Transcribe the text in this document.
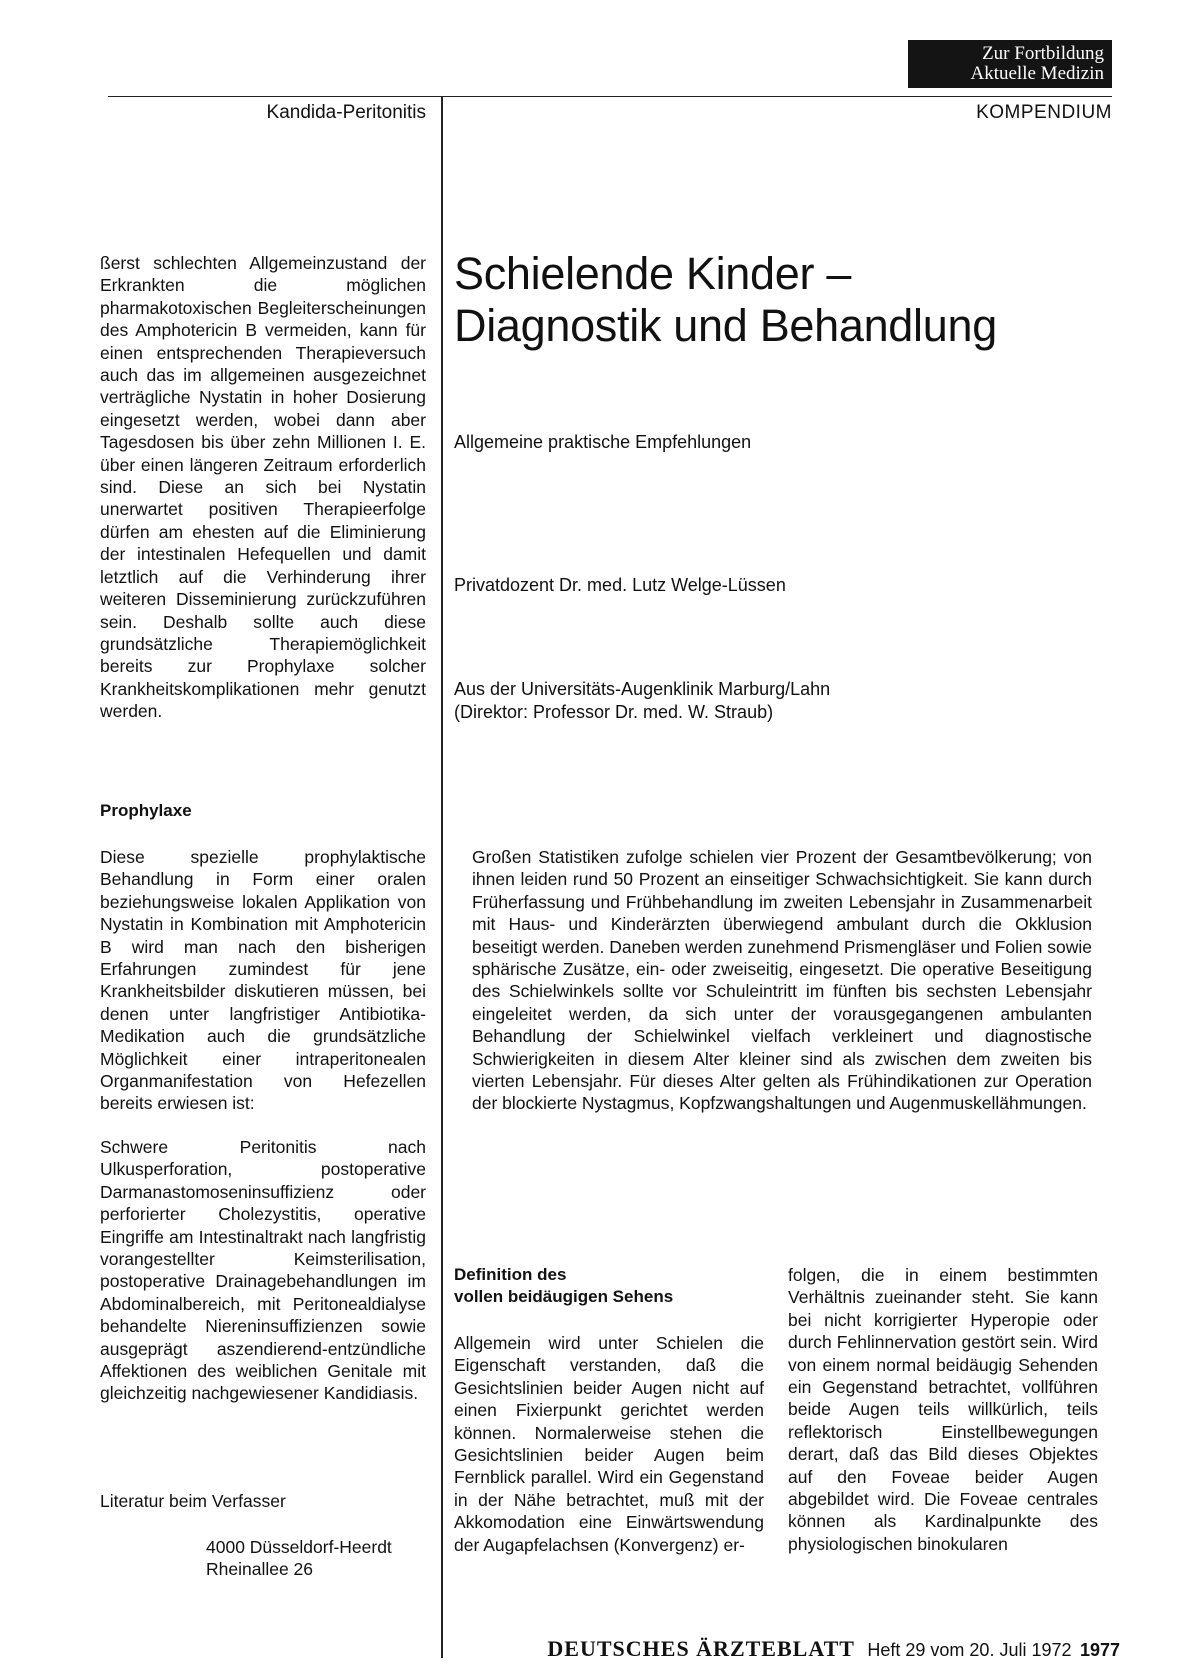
Zur Fortbildung
Aktuelle Medizin
Kandida-Peritonitis	KOMPENDIUM

ßerst schlechten Allgemeinzustand der Erkrankten die möglichen pharmakotoxischen Begleiterscheinungen des Amphotericin B vermeiden, kann für einen entsprechenden Therapieversuch auch das im allgemeinen ausgezeichnet verträgliche Nystatin in hoher Dosierung eingesetzt werden, wobei dann aber Tagesdosen bis über zehn Millionen I. E. über einen längeren Zeitraum erforderlich sind. Diese an sich bei Nystatin unerwartet positiven Therapieerfolge dürfen am ehesten auf die Eliminierung der intestinalen Hefequellen und damit letztlich auf die Verhinderung ihrer weiteren Disseminierung zurückzuführen sein. Deshalb sollte auch diese grundsätzliche Therapiemöglichkeit bereits zur Prophylaxe solcher Krankheitskomplikationen mehr genutzt werden.

Prophylaxe

Diese spezielle prophylaktische Behandlung in Form einer oralen beziehungsweise lokalen Applikation von Nystatin in Kombination mit Amphotericin B wird man nach den bisherigen Erfahrungen zumindest für jene Krankheitsbilder diskutieren müssen, bei denen unter langfristiger Antibiotika-Medikation auch die grundsätzliche Möglichkeit einer intraperitonealen Organmanifestation von Hefezellen bereits erwiesen ist:

Schwere Peritonitis nach Ulkusperforation, postoperative Darmanastomoseninsuffizienz oder perforierter Cholezystitis, operative Eingriffe am Intestinaltrakt nach langfristig vorangestellter Keimsterilisation, postoperative Drainagebehandlungen im Abdominalbereich, mit Peritonealdialyse behandelte Niereninsuffizienzen sowie ausgeprägt aszendierend-entzündliche Affektionen des weiblichen Genitale mit gleichzeitig nachgewiesener Kandidiasis.

Literatur beim Verfasser
4000 Düsseldorf-Heerdt
Rheinallee 26
Schielende Kinder –
Diagnostik und Behandlung
Allgemeine praktische Empfehlungen
Privatdozent Dr. med. Lutz Welge-Lüssen
Aus der Universitäts-Augenklinik Marburg/Lahn
(Direktor: Professor Dr. med. W. Straub)

Großen Statistiken zufolge schielen vier Prozent der Gesamtbevölkerung; von ihnen leiden rund 50 Prozent an einseitiger Schwachsichtigkeit. Sie kann durch Früherfassung und Frühbehandlung im zweiten Lebensjahr in Zusammenarbeit mit Haus- und Kinderärzten überwiegend ambulant durch die Okklusion beseitigt werden. Daneben werden zunehmend Prismengläser und Folien sowie sphärische Zusätze, ein- oder zweiseitig, eingesetzt. Die operative Beseitigung des Schielwinkels sollte vor Schuleintritt im fünften bis sechsten Lebensjahr eingeleitet werden, da sich unter der vorausgegangenen ambulanten Behandlung der Schielwinkel vielfach verkleinert und diagnostische Schwierigkeiten in diesem Alter kleiner sind als zwischen dem zweiten bis vierten Lebensjahr. Für dieses Alter gelten als Frühindikationen zur Operation der blockierte Nystagmus, Kopfzwangshaltungen und Augenmuskellähmungen.

Definition des
vollen beidäugigen Sehens

Allgemein wird unter Schielen die Eigenschaft verstanden, daß die Gesichtslinien beider Augen nicht auf einen Fixierpunkt gerichtet werden können. Normalerweise stehen die Gesichtslinien beider Augen beim Fernblick parallel. Wird ein Gegenstand in der Nähe betrachtet, muß mit der Akkomodation eine Einwärtswendung der Augapfelachsen (Konvergenz) er-

folgen, die in einem bestimmten Verhältnis zueinander steht. Sie kann bei nicht korrigierter Hyperopie oder durch Fehlinnervation gestört sein. Wird von einem normal beidäugig Sehenden ein Gegenstand betrachtet, vollführen beide Augen teils willkürlich, teils reflektorisch Einstellbewegungen derart, daß das Bild dieses Objektes auf den Foveae beider Augen abgebildet wird. Die Foveae centrales können als Kardinalpunkte des physiologischen binokularen

DEUTSCHES ÄRZTEBLATT Heft 29 vom 20. Juli 1972 1977
